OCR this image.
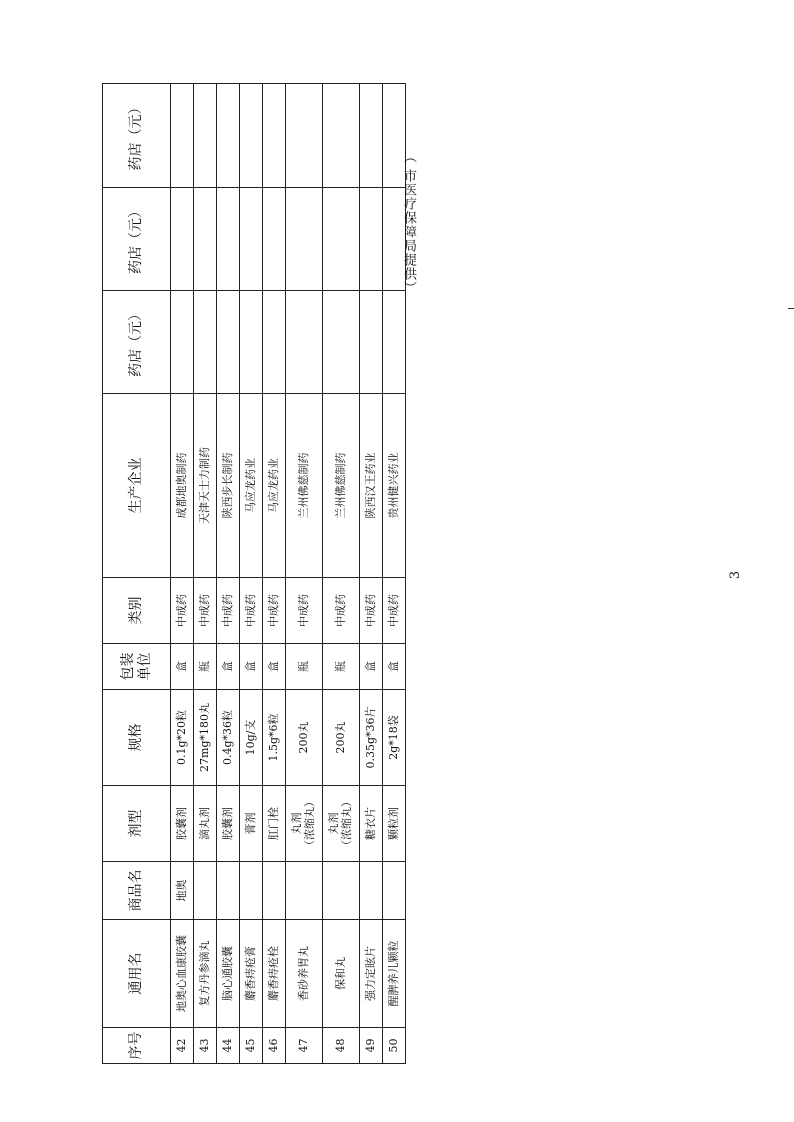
序号	通用名	商品名	剂型	规格	包装单位	类别	生产企业	药店（元）	药店（元）	药店（元）
42	地奥心血康胶囊	地奥	胶囊剂	0.1g*20粒	盒	中成药	成都地奥制药			
43	复方丹参滴丸		滴丸剂	27mg*180丸	瓶	中成药	天津天士力制药			
44	脑心通胶囊		胶囊剂	0.4g*36粒	盒	中成药	陕西步长制药			
45	麝香痔疮膏		膏剂	10g/支	盒	中成药	马应龙药业			
46	麝香痔疮栓		肛门栓	1.5g*6粒	盒	中成药	马应龙药业			
47	香砂养胃丸		丸剂 （浓缩丸）	200丸	瓶	中成药	兰州佛慈制药			
48	保和丸		丸剂 （浓缩丸）	200丸	瓶	中成药	兰州佛慈制药			
49	强力定眩片		糖衣片	0.35g*36片	盒	中成药	陕西汉王药业			
50	醒脾养儿颗粒		颗粒剂	2g*18袋	盒	中成药	贵州健兴药业			
（ 市医疗保障局提供）
3
